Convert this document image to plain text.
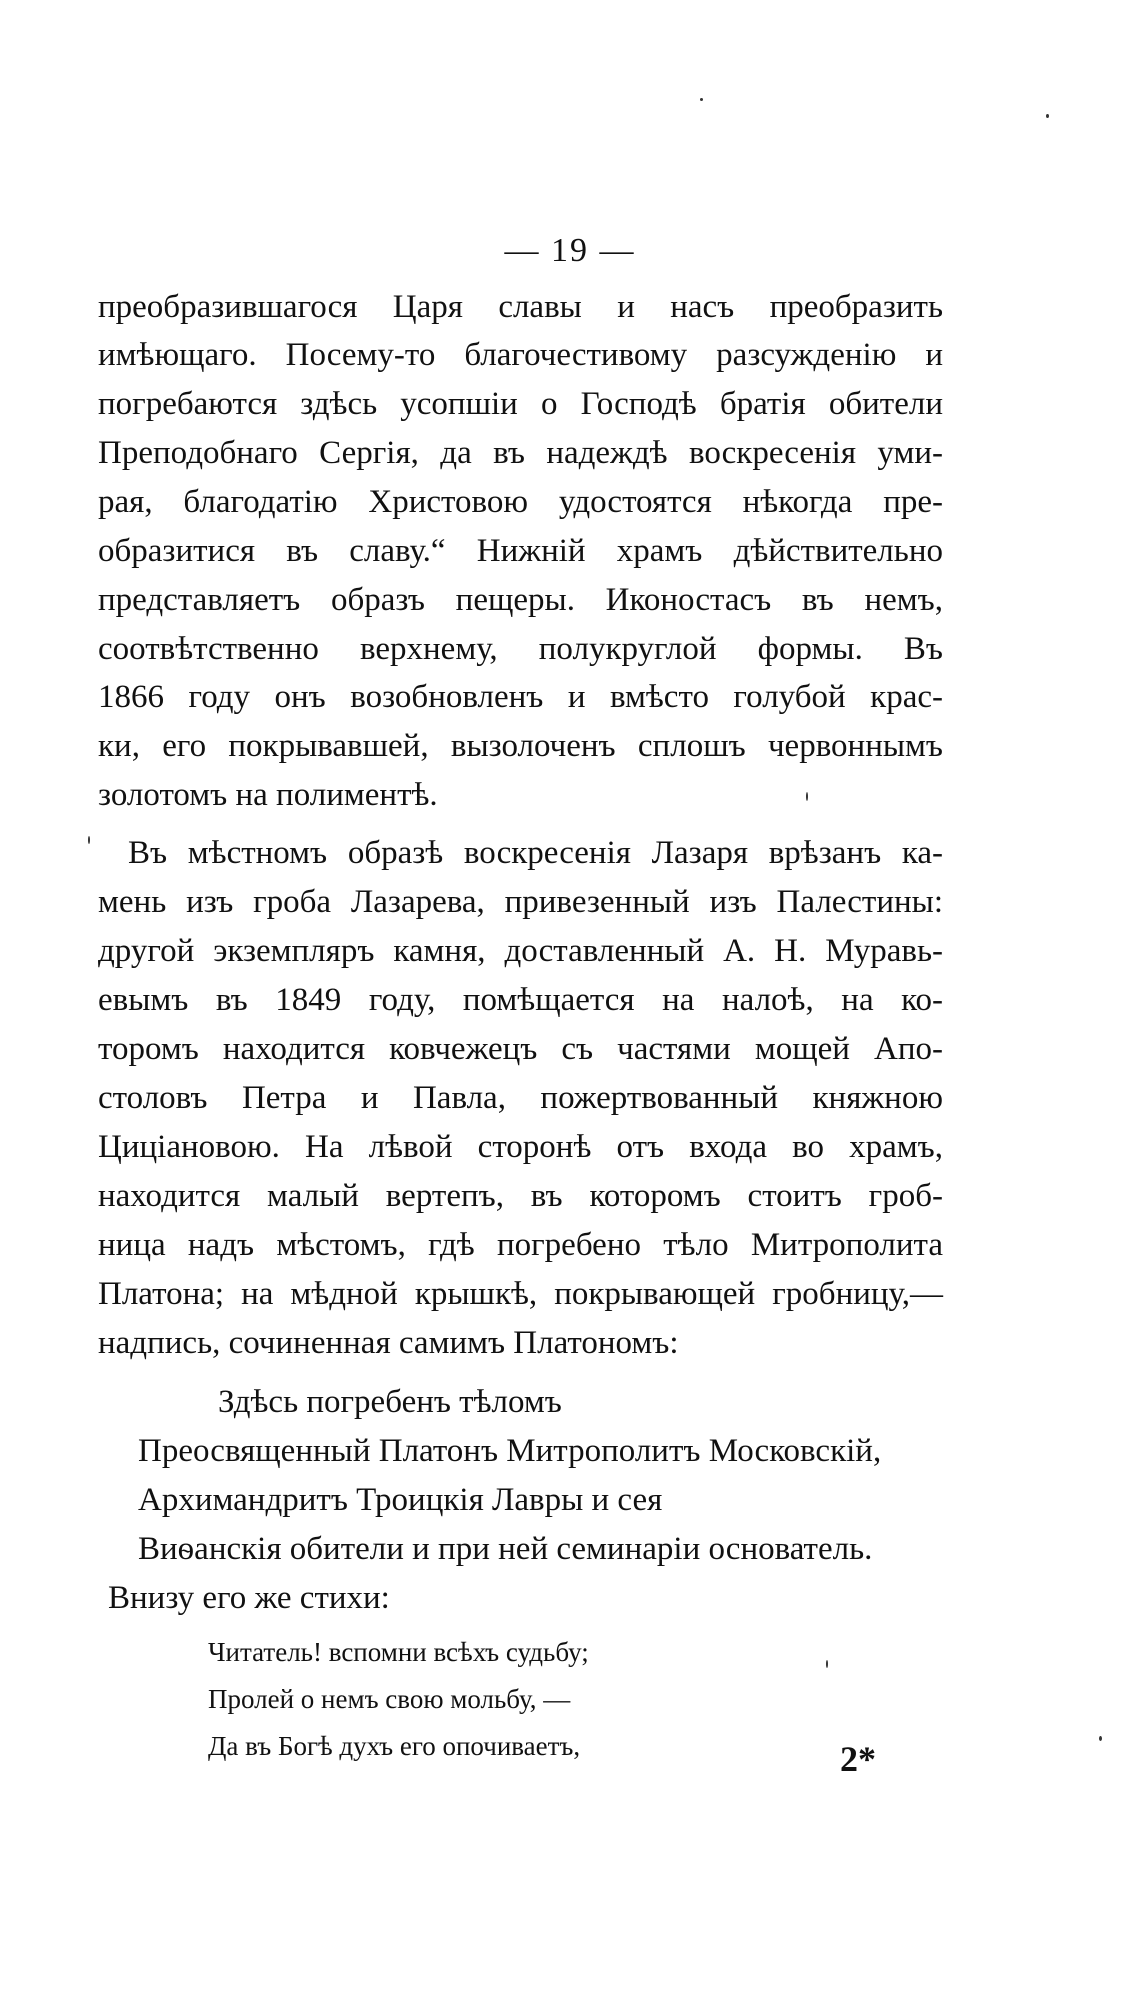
— 19 —
преобразившагося Царя славы и насъ преобразить
имѣющаго. Посему-то благочестивому разсужденію и
погребаются здѣсь усопшіи о Господѣ братія обители
Преподобнаго Сергія, да въ надеждѣ воскресенія уми-
рая, благодатію Христовою удостоятся нѣкогда пре-
образитися въ славу.“ Нижній храмъ дѣйствительно
представляетъ образъ пещеры. Иконостасъ въ немъ,
соотвѣтственно верхнему, полукруглой формы. Въ
1866 году онъ возобновленъ и вмѣсто голубой крас-
ки, его покрывавшей, вызолоченъ сплошъ червоннымъ
золотомъ на полиментѣ.
Въ мѣстномъ образѣ воскресенія Лазаря врѣзанъ ка-
мень изъ гроба Лазарева, привезенный изъ Палестины:
другой экземпляръ камня, доставленный А. Н. Муравь-
евымъ въ 1849 году, помѣщается на налоѣ, на ко-
торомъ находится ковчежецъ съ частями мощей Апо-
столовъ Петра и Павла, пожертвованный княжною
Циціановою. На лѣвой сторонѣ отъ входа во храмъ,
находится малый вертепъ, въ которомъ стоитъ гроб-
ница надъ мѣстомъ, гдѣ погребено тѣло Митрополита
Платона; на мѣдной крышкѣ, покрывающей гробницу,—
надпись, сочиненная самимъ Платономъ:
Здѣсь погребенъ тѣломъ
Преосвященный Платонъ Митрополитъ Московскій,
Архимандритъ Троицкія Лавры и сея
Виѳанскія обители и при ней семинаріи основатель.
Внизу его же стихи:
Читатель! вспомни всѣхъ судьбу;
Пролей о немъ свою мольбу, —
Да въ Богѣ духъ его опочиваетъ,	2*
